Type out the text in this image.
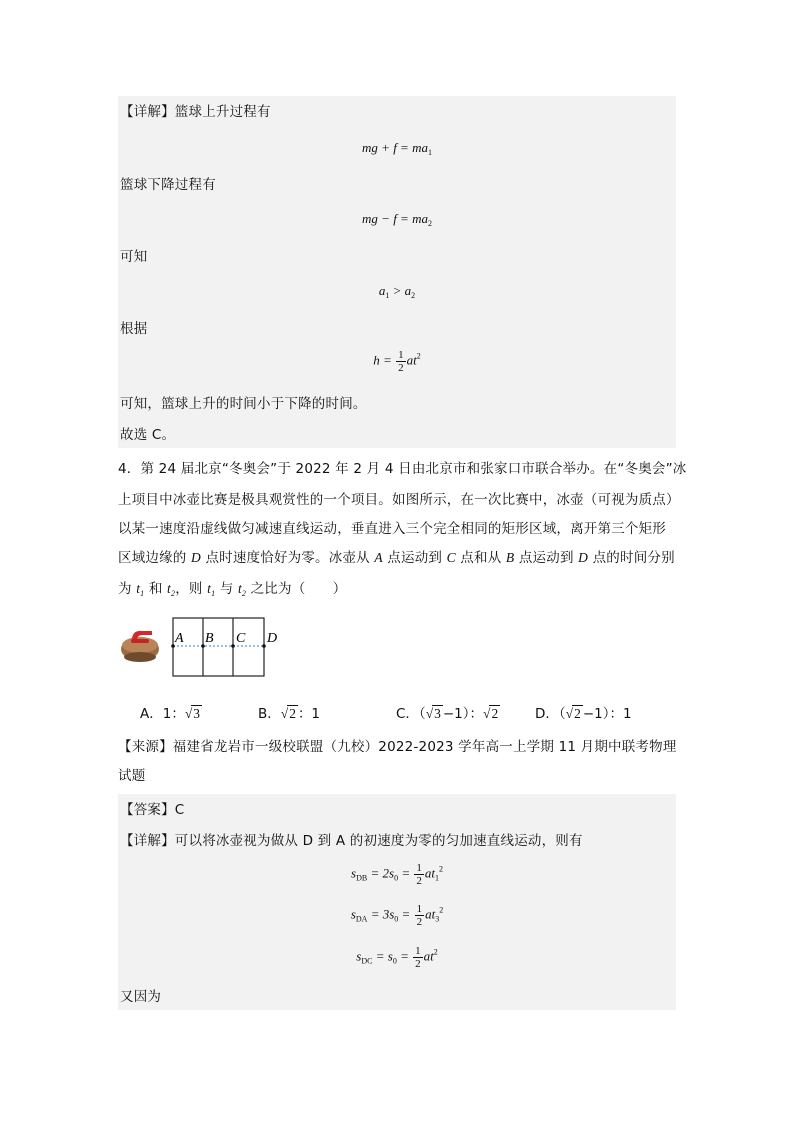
【详解】篮球上升过程有
mg + $f = ma_1$
篮球下降过程有
mg − $f = ma_2$
可知
$a_1 > a_2$
根据
$h = \frac{1}{2} at^2$
可知，篮球上升的时间小于下降的时间。
故选 C。
4．第 24 届北京“冬奥会”于 2022 年 2 月 4 日由北京市和张家口市联合举办。在“冬奥会”冰
上项目中冰壶比赛是极具观赏性的一个项目。如图所示，在一次比赛中，冰壶（可视为质点）
以某一速度沿虚线做匀减速直线运动，垂直进入三个完全相同的矩形区域，离开第三个矩形
区域边缘的 D 点时速度恰好为零。冰壶从 A 点运动到 C 点和从 B 点运动到 D 点的时间分别
为 $t_1$ 和 $t_2$，则 $t_1$ 与 $t_2$ 之比为（　　）
A B C D
A．1：√3	B．√2 ：1	C．（√3 −1）：√2	D．（√2 −1）：1
【来源】福建省龙岩市一级校联盟（九校）2022-2023 学年高一上学期 11 月期中联考物理
试题
【答案】C
【详解】可以将冰壶视为做从 D 到 A 的初速度为零的匀加速直线运动，则有
$s_{DB} = 2s_0 = \frac{1}{2} at_1^2$
$s_{DA} = 3s_0 = \frac{1}{2} at_3^2$
$s_{DC} = s_0 = \frac{1}{2} at^2$
又因为
